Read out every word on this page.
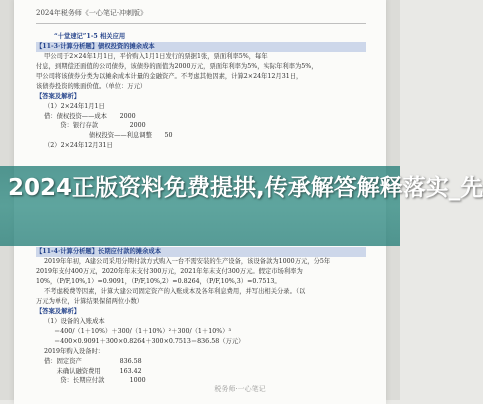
2024年税务师《一心笔记·冲刺版》
“十堂速记”1-5 相关应用
【11-3·计算分析题】债权投资的摊余成本
甲公司于2×24年1月1日，平价购入1月1日发行的票据1张，票面利率5%，每年
付息，到期偿还面值的公司债券，该债券的面值为2000万元，票面年利率为5%，实际年利率为5%，
甲公司将该债券分类为以摊余成本计量的金融资产。不考虑其他因素，计算2×24年12月31日，
该债券投资的账面价值。（单位：万元）
【答案及解析】
（1）2×24年1月1日
借：债权投资——成本　　2000
　贷：银行存款　　　　　2000
　　　债权投资——利息调整　　50
（2）2×24年12月31日
【11-4·计算分析题】长期应付款的摊余成本
2019年年初，A建公司采用分期付款方式购入一台不需安装的生产设备，该设备款为1000万元，分5年
2019年支付400万元，2020年年末支付300万元，2021年年末支付300万元。假定市场利率为
10%，（P/F,10%,1）=0.9091，（P/F,10%,2）=0.8264，（P/F,10%,3）=0.7513。
不考虑税费等因素，计算大建公司固定资产的入账成本及各年利息费用，并写出相关分录。（以
万元为单位，计算结果保留两位小数）
【答案及解析】
（1）设备的入账成本
＝400/（1＋10%）＋300/（1＋10%）²＋300/（1＋10%）³
＝400×0.9091＋300×0.8264＋300×0.7513＝836.58（万元）
2019年购入设备时：
借：固定资产　　　　　　836.58
　　未确认融资费用　　　163.42
　贷：长期应付款　　　　1000
2024正版资料免费提拱,传承解答解释落实_先
税务师·一心笔记
